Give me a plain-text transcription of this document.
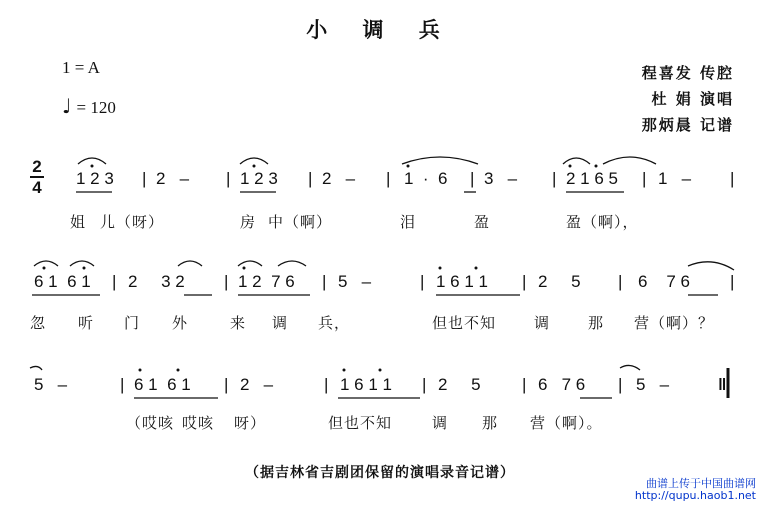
小 调 兵
1 = A
♩ = 120
程喜发 传腔
杜 娟 演唱
那炳晨 记谱
2
4 1 2 3 | 2   – | 1 2 3 | 2   – | 1  ·  6 | 3   – | 2 1 6 5 | 1   – |
姐 儿（呀）	房 中（啊）	泪	盈	盈（啊），
6 1  6 1 | 2     3 2 | 1 2  7 6 | 5   –	| 1 6 1 1 | 2     5 | 6    7 6 |
忽 听 门 外	来 调 兵，	但也不知	调	那 营（啊）？
5   –	| 6 1  6 1 | 2   –	| 1 6 1 1 | 2     5 | 6   7 6 | 5   –	‖
（哎咳 哎咳 呀）	但也不知	调 那 营（啊）。
（据吉林省吉剧团保留的演唱录音记谱）
曲谱上传于中国曲谱网
http://qupu.haob1.net
